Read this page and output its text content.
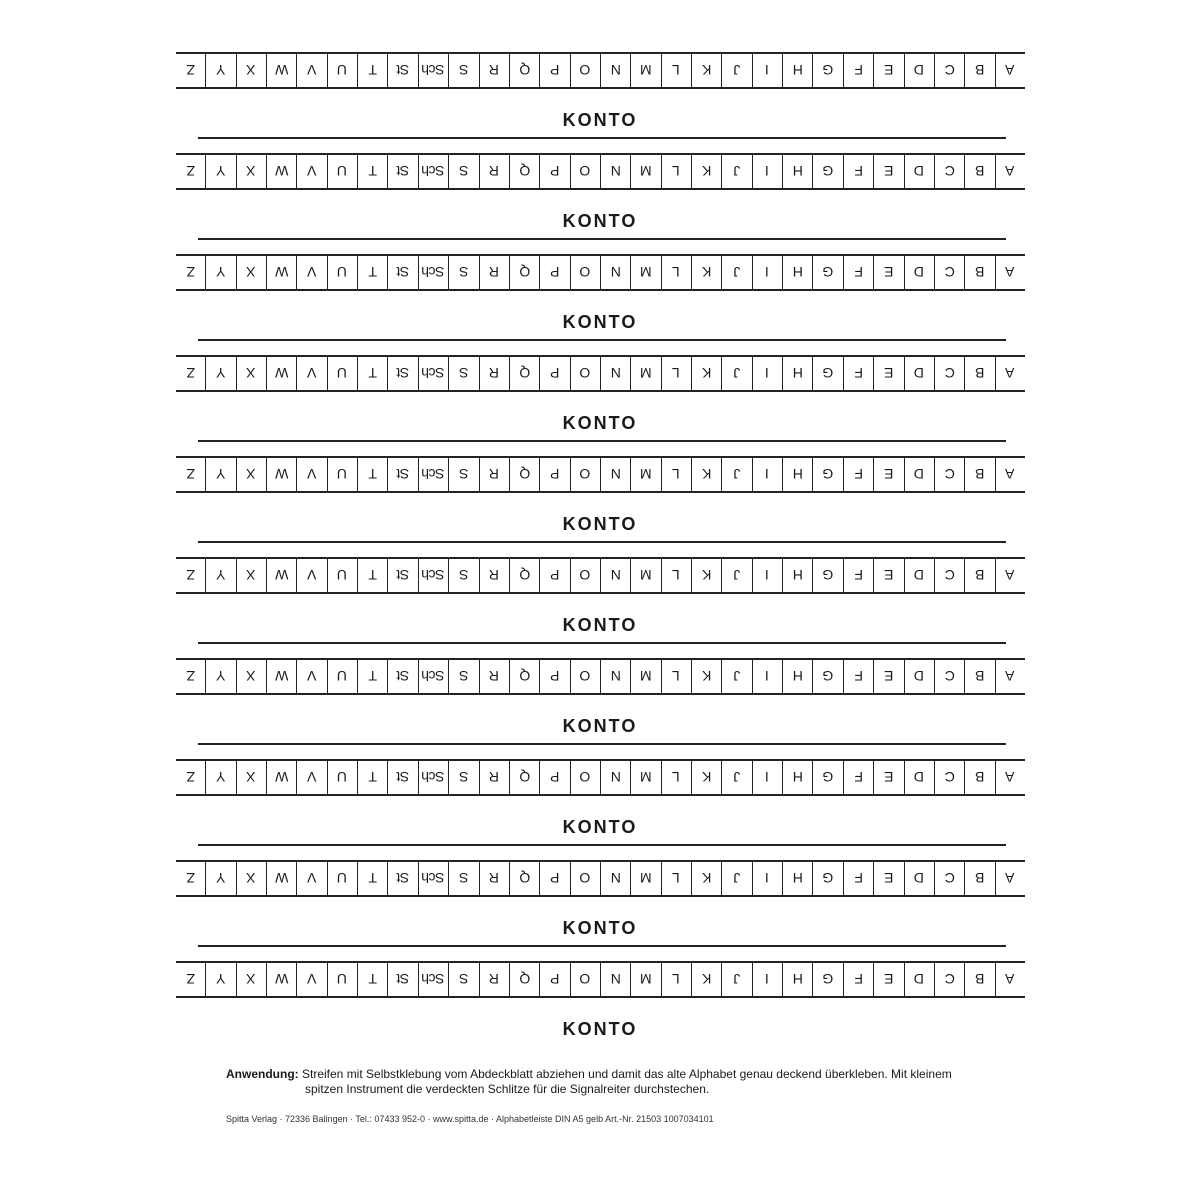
A
B
C
D
E
F
G
H
I
J
K
L
M
N
O
P
Q
R
S
Sch
St
T
U
V
W
X
Y
Z
KONTO
A
B
C
D
E
F
G
H
I
J
K
L
M
N
O
P
Q
R
S
Sch
St
T
U
V
W
X
Y
Z
KONTO
A
B
C
D
E
F
G
H
I
J
K
L
M
N
O
P
Q
R
S
Sch
St
T
U
V
W
X
Y
Z
KONTO
A
B
C
D
E
F
G
H
I
J
K
L
M
N
O
P
Q
R
S
Sch
St
T
U
V
W
X
Y
Z
KONTO
A
B
C
D
E
F
G
H
I
J
K
L
M
N
O
P
Q
R
S
Sch
St
T
U
V
W
X
Y
Z
KONTO
A
B
C
D
E
F
G
H
I
J
K
L
M
N
O
P
Q
R
S
Sch
St
T
U
V
W
X
Y
Z
KONTO
A
B
C
D
E
F
G
H
I
J
K
L
M
N
O
P
Q
R
S
Sch
St
T
U
V
W
X
Y
Z
KONTO
A
B
C
D
E
F
G
H
I
J
K
L
M
N
O
P
Q
R
S
Sch
St
T
U
V
W
X
Y
Z
KONTO
A
B
C
D
E
F
G
H
I
J
K
L
M
N
O
P
Q
R
S
Sch
St
T
U
V
W
X
Y
Z
KONTO
A
B
C
D
E
F
G
H
I
J
K
L
M
N
O
P
Q
R
S
Sch
St
T
U
V
W
X
Y
Z
KONTO
Anwendung: Streifen mit Selbstklebung vom Abdeckblatt abziehen und damit das alte Alphabet genau deckend überkleben. Mit kleinem
spitzen Instrument die verdeckten Schlitze für die Signalreiter durchstechen.
Spitta Verlag · 72336 Balingen · Tel.: 07433 952-0 · www.spitta.de · Alphabetleiste DIN A5 gelb Art.-Nr. 21503 1007034101
